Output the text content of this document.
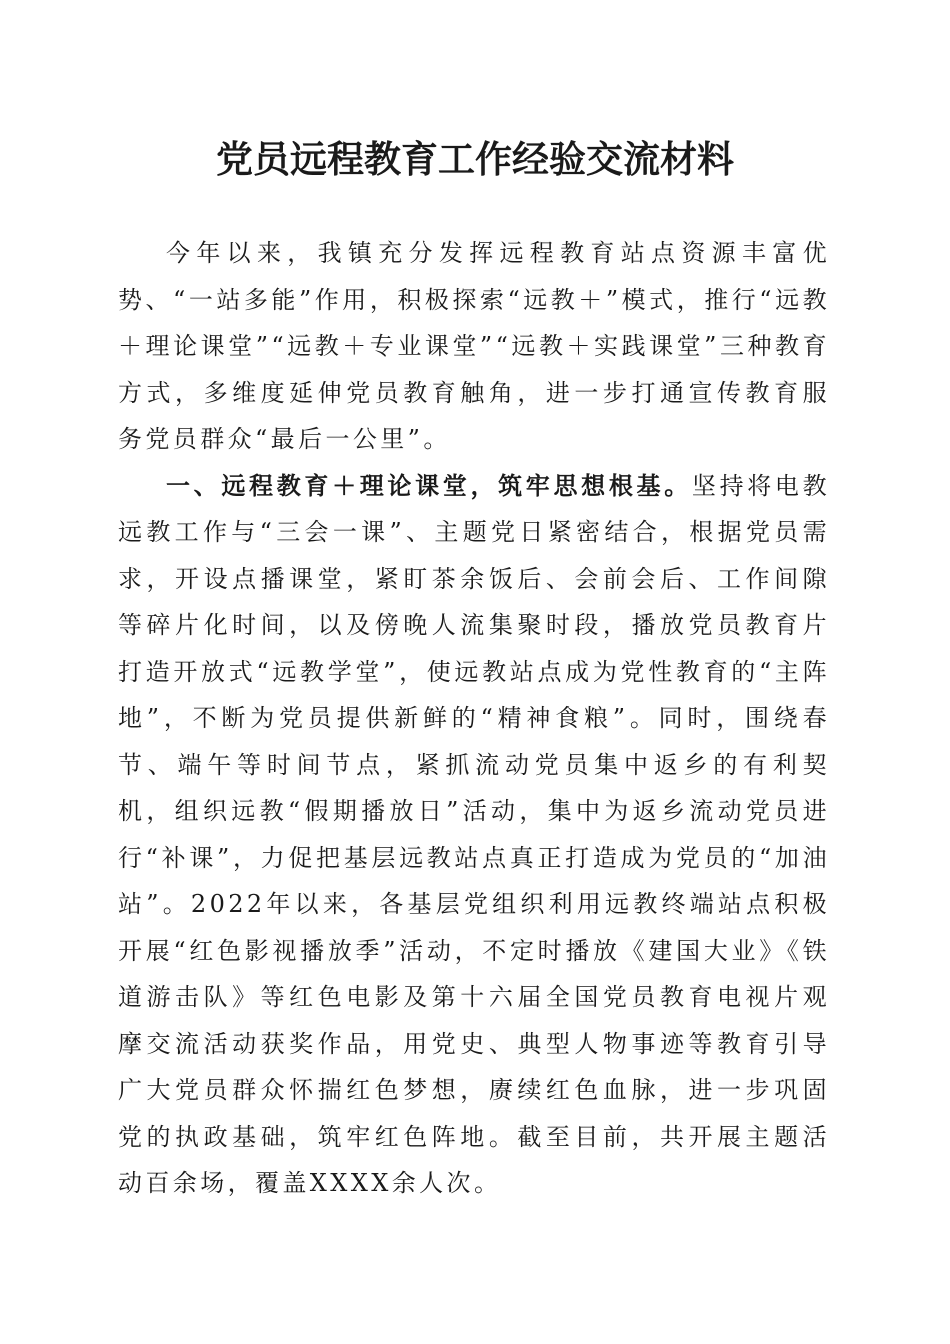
党员远程教育工作经验交流材料

今年以来，我镇充分发挥远程教育站点资源丰富优势、“一站多能”作用，积极探索“远教＋”模式，推行“远教＋理论课堂”“远教＋专业课堂”“远教＋实践课堂”三种教育方式，多维度延伸党员教育触角，进一步打通宣传教育服务党员群众“最后一公里”。

一、远程教育＋理论课堂，筑牢思想根基。坚持将电教远教工作与“三会一课”、主题党日紧密结合，根据党员需求，开设点播课堂，紧盯茶余饭后、会前会后、工作间隙等碎片化时间，以及傍晚人流集聚时段，播放党员教育片打造开放式“远教学堂”，使远教站点成为党性教育的“主阵地”，不断为党员提供新鲜的“精神食粮”。同时，围绕春节、端午等时间节点，紧抓流动党员集中返乡的有利契机，组织远教“假期播放日”活动，集中为返乡流动党员进行“补课”，力促把基层远教站点真正打造成为党员的“加油站”。2022年以来，各基层党组织利用远教终端站点积极开展“红色影视播放季”活动，不定时播放《建国大业》《铁道游击队》等红色电影及第十六届全国党员教育电视片观摩交流活动获奖作品，用党史、典型人物事迹等教育引导广大党员群众怀揣红色梦想，赓续红色血脉，进一步巩固党的执政基础，筑牢红色阵地。截至目前，共开展主题活动百余场，覆盖XXXX余人次。
